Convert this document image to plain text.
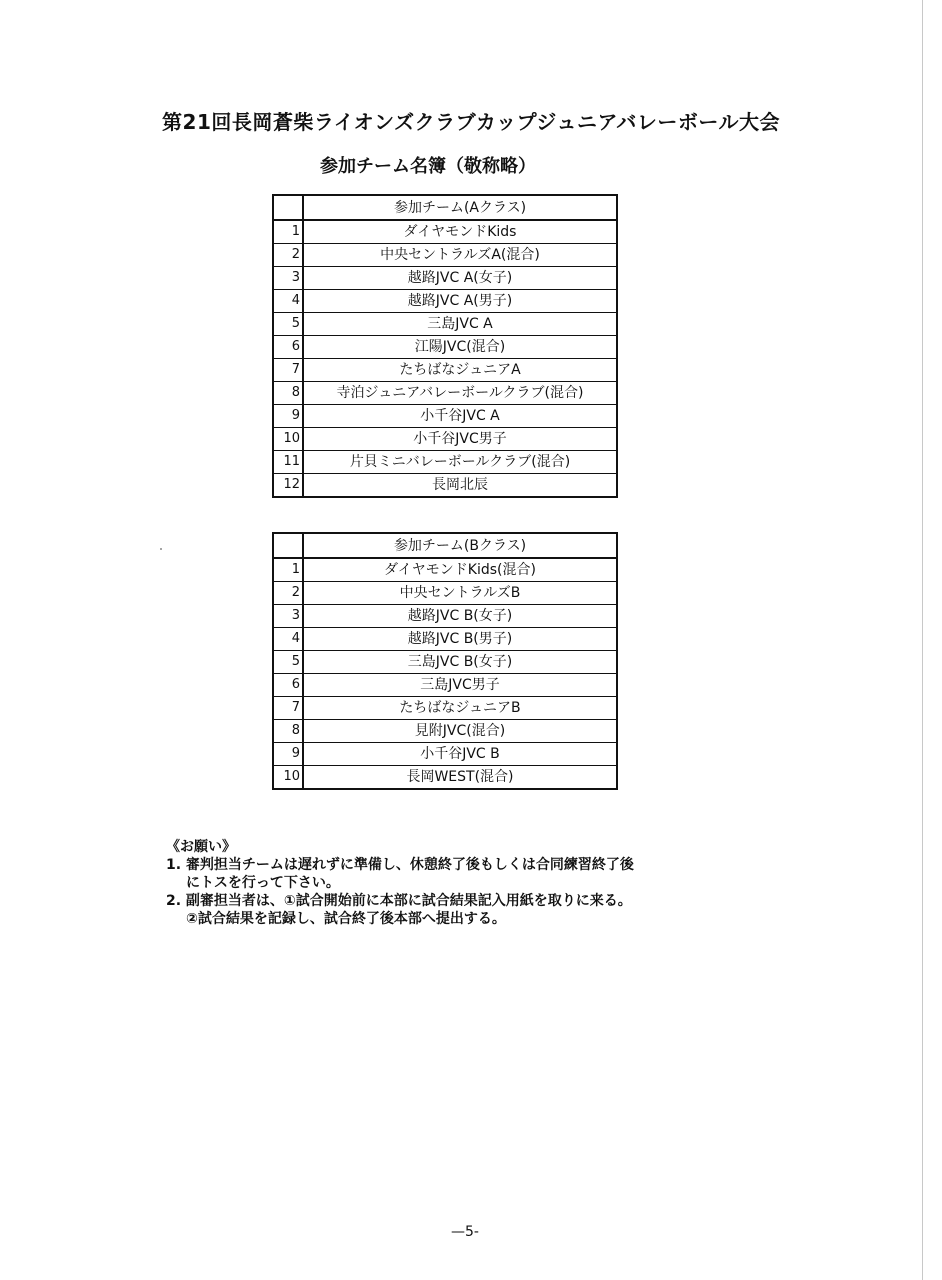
第21回長岡蒼柴ライオンズクラブカップジュニアバレーボール大会
参加チーム名簿（敬称略）
	参加チーム(Aクラス)
1	ダイヤモンドKids
2	中央セントラルズA(混合)
3	越路JVC A(女子)
4	越路JVC A(男子)
5	三島JVC A
6	江陽JVC(混合)
7	たちばなジュニアA
8	寺泊ジュニアバレーボールクラブ(混合)
9	小千谷JVC A
10	小千谷JVC男子
11	片貝ミニバレーボールクラブ(混合)
12	長岡北辰
	参加チーム(Bクラス)
1	ダイヤモンドKids(混合)
2	中央セントラルズB
3	越路JVC B(女子)
4	越路JVC B(男子)
5	三島JVC B(女子)
6	三島JVC男子
7	たちばなジュニアB
8	見附JVC(混合)
9	小千谷JVC B
10	長岡WEST(混合)
《お願い》
1. 審判担当チームは遅れずに準備し、休憩終了後もしくは合同練習終了後
にトスを行って下さい。
2. 副審担当者は、①試合開始前に本部に試合結果記入用紙を取りに来る。
②試合結果を記録し、試合終了後本部へ提出する。
—5-
